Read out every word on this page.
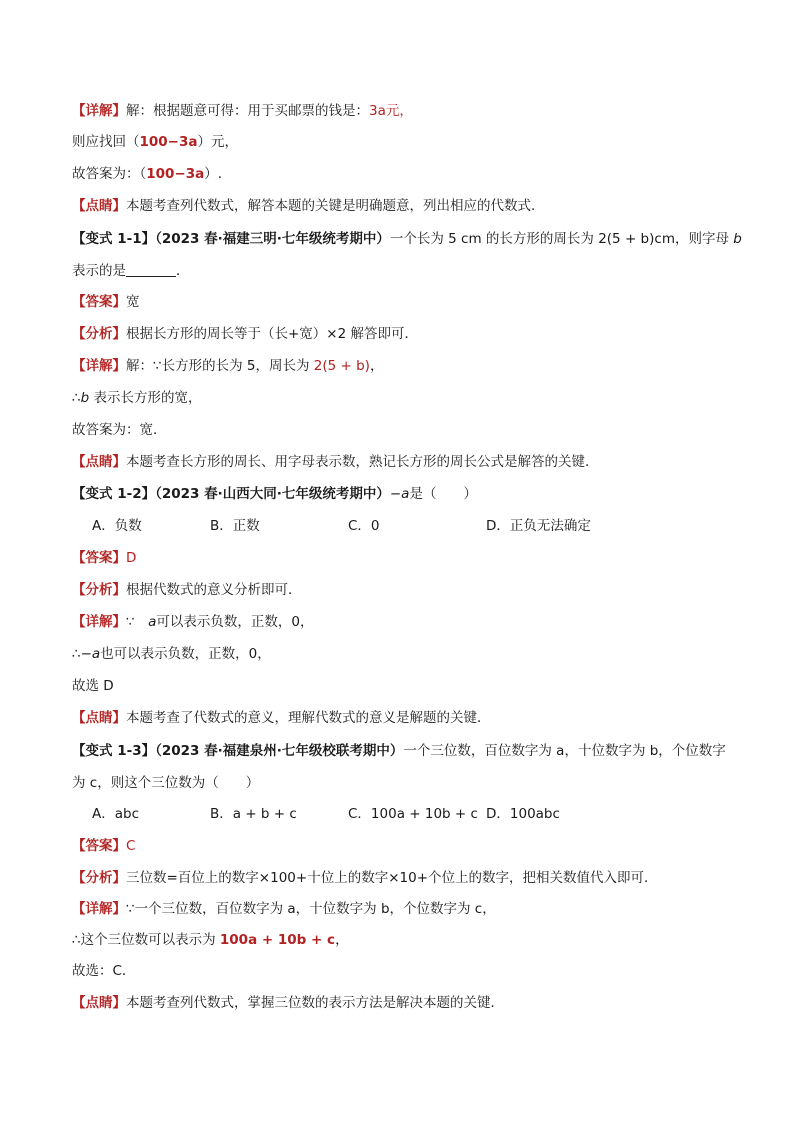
【详解】解：根据题意可得：用于买邮票的钱是：3a元，
则应找回（100−3a）元，
故答案为：（100−3a）.
【点睛】本题考查列代数式，解答本题的关键是明确题意，列出相应的代数式．
【变式 1-1】（2023 春·福建三明·七年级统考期中）一个长为 5 cm 的长方形的周长为 2(5 + b)cm，则字母 b
表示的是	．
【答案】宽
【分析】根据长方形的周长等于（长+宽）×2 解答即可．
【详解】解：∵长方形的长为 5，周长为 2(5 + b)，
∴b 表示长方形的宽，
故答案为：宽．
【点睛】本题考查长方形的周长、用字母表示数，熟记长方形的周长公式是解答的关键．
【变式 1-2】（2023 春·山西大同·七年级统考期中）−a是（　　）
A．负数	B．正数	C．0	D．正负无法确定
【答案】D
【分析】根据代数式的意义分析即可．
【详解】∵　a可以表示负数，正数，0，
∴−a也可以表示负数，正数，0，
故选 D
【点睛】本题考查了代数式的意义，理解代数式的意义是解题的关键．
【变式 1-3】（2023 春·福建泉州·七年级校联考期中）一个三位数，百位数字为 a，十位数字为 b，个位数字
为 c，则这个三位数为（　　）
A．abc	B．a + b + c	C．100a + 10b + c D．100abc
【答案】C
【分析】三位数=百位上的数字×100+十位上的数字×10+个位上的数字，把相关数值代入即可．
【详解】∵一个三位数，百位数字为 a，十位数字为 b，个位数字为 c，
∴这个三位数可以表示为 100a + 10b + c，
故选：C．
【点睛】本题考查列代数式，掌握三位数的表示方法是解决本题的关键．
